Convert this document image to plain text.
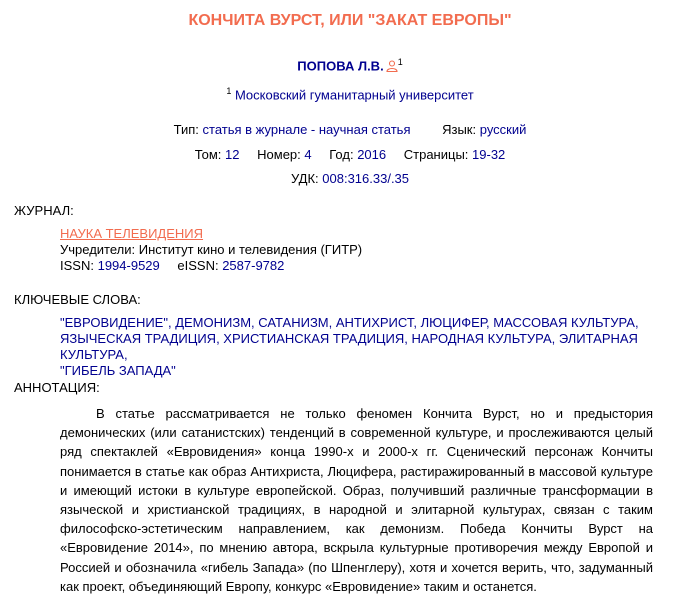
КОНЧИТА ВУРСТ, ИЛИ "ЗАКАТ ЕВРОПЫ"
ПОПОВА Л.В. $^1$
$^1$ Московский гуманитарный университет
Тип: статья в журнале - научная статья Язык: русский
Том: 12 Номер: 4 Год: 2016 Страницы: 19-32
УДК: 008:316.33/.35
ЖУРНАЛ:
НАУКА ТЕЛЕВИДЕНИЯ
Учредители: Институт кино и телевидения (ГИТР)
ISSN: 1994-9529 eISSN: 2587-9782
КЛЮЧЕВЫЕ СЛОВА:
"ЕВРОВИДЕНИЕ", ДЕМОНИЗМ, САТАНИЗМ, АНТИХРИСТ, ЛЮЦИФЕР, МАССОВАЯ КУЛЬТУРА,
ЯЗЫЧЕСКАЯ ТРАДИЦИЯ, ХРИСТИАНСКАЯ ТРАДИЦИЯ, НАРОДНАЯ КУЛЬТУРА, ЭЛИТАРНАЯ КУЛЬТУРА,
"ГИБЕЛЬ ЗАПАДА"
АННОТАЦИЯ:
В статье рассматривается не только феномен Кончита Вурст, но и предыстория демонических (или сатанистских) тенденций в современной культуре, и прослеживаются целый ряд спектаклей «Евровидения» конца 1990-х и 2000-х гг. Сценический персонаж Кончиты понимается в статье как образ Антихриста, Люцифера, растиражированный в массовой культуре и имеющий истоки в культуре европейской. Образ, получивший различные трансформации в языческой и христианской традициях, в народной и элитарной культурах, связан с таким философско-эстетическим направлением, как демонизм. Победа Кончиты Вурст на «Евровидение 2014», по мнению автора, вскрыла культурные противоречия между Европой и Россией и обозначила «гибель Запада» (по Шпенглеру), хотя и хочется верить, что, задуманный как проект, объединяющий Европу, конкурс «Евровидение» таким и останется.
